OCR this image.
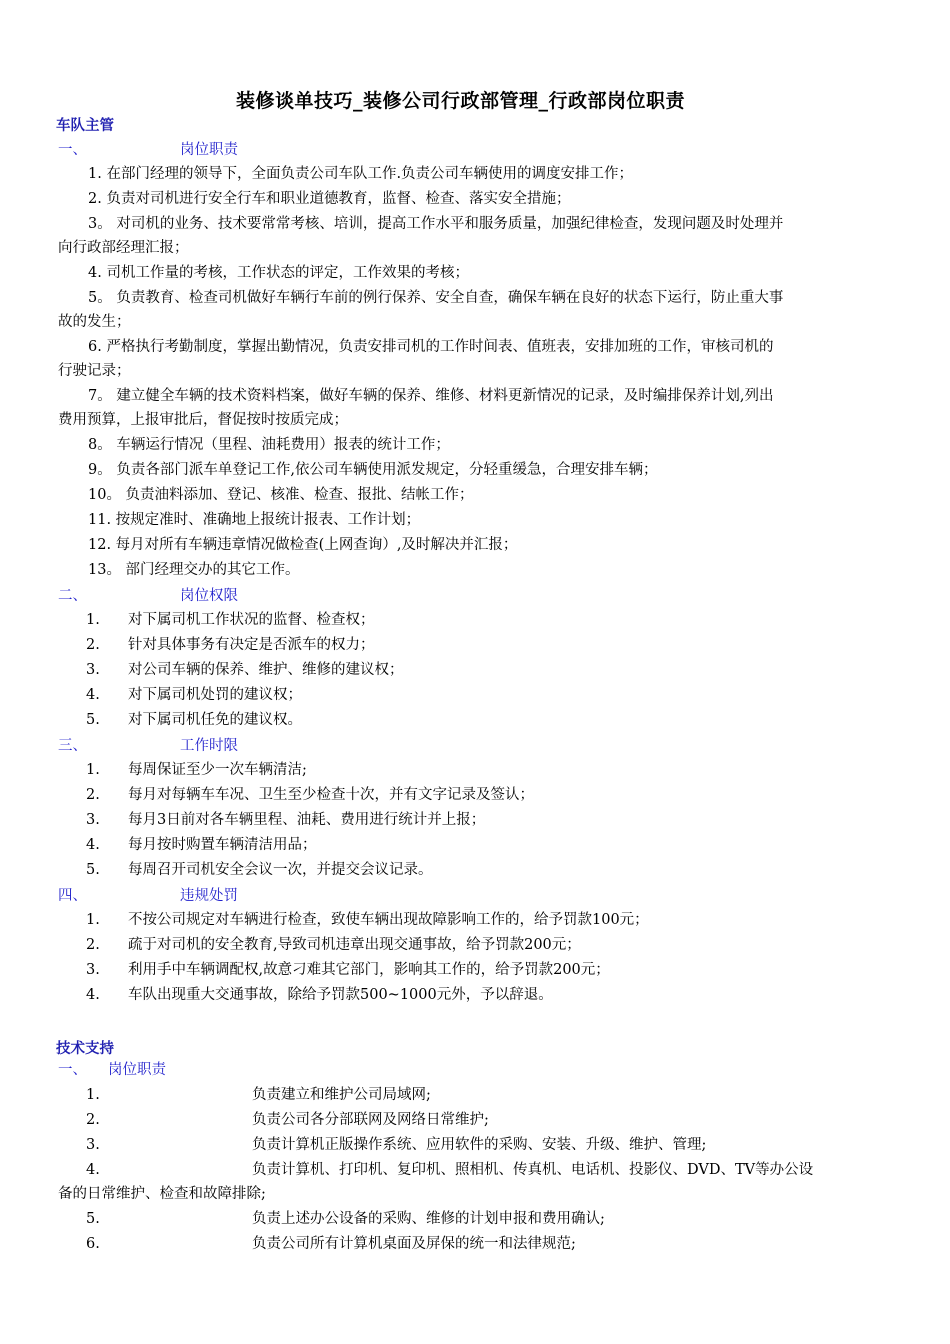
装修谈单技巧_装修公司行政部管理_行政部岗位职责
车队主管
一、	岗位职责
1. 在部门经理的领导下，全面负责公司车队工作.负责公司车辆使用的调度安排工作；
2. 负责对司机进行安全行车和职业道德教育，监督、检查、落实安全措施；
3。 对司机的业务、技术要常常考核、培训，提高工作水平和服务质量，加强纪律检查，发现问题及时处理并
向行政部经理汇报；
4. 司机工作量的考核，工作状态的评定，工作效果的考核；
5。 负责教育、检查司机做好车辆行车前的例行保养、安全自查，确保车辆在良好的状态下运行，防止重大事
故的发生；
6. 严格执行考勤制度，掌握出勤情况，负责安排司机的工作时间表、值班表，安排加班的工作，审核司机的
行驶记录；
7。 建立健全车辆的技术资料档案，做好车辆的保养、维修、材料更新情况的记录，及时编排保养计划,列出
费用预算，上报审批后，督促按时按质完成；
8。 车辆运行情况（里程、油耗费用）报表的统计工作；
9。 负责各部门派车单登记工作,依公司车辆使用派发规定，分轻重缓急，合理安排车辆；
10。 负责油料添加、登记、核准、检查、报批、结帐工作；
11. 按规定准时、准确地上报统计报表、工作计划；
12. 每月对所有车辆违章情况做检查(上网查询）,及时解决并汇报；
13。 部门经理交办的其它工作。
二、	岗位权限
1. 对下属司机工作状况的监督、检查权；
2. 针对具体事务有决定是否派车的权力；
3. 对公司车辆的保养、维护、维修的建议权；
4. 对下属司机处罚的建议权；
5. 对下属司机任免的建议权。
三、	工作时限
1. 每周保证至少一次车辆清洁;
2. 每月对每辆车车况、卫生至少检查十次，并有文字记录及签认；
3. 每月3日前对各车辆里程、油耗、费用进行统计并上报；
4. 每月按时购置车辆清洁用品；
5. 每周召开司机安全会议一次，并提交会议记录。
四、	违规处罚
1. 不按公司规定对车辆进行检查，致使车辆出现故障影响工作的，给予罚款100元；
2. 疏于对司机的安全教育,导致司机违章出现交通事故，给予罚款200元；
3. 利用手中车辆调配权,故意刁难其它部门，影响其工作的，给予罚款200元；
4. 车队出现重大交通事故，除给予罚款500~1000元外，予以辞退。
技术支持
一、 岗位职责
1.	负责建立和维护公司局域网;
2.	负责公司各分部联网及网络日常维护;
3.	负责计算机正版操作系统、应用软件的采购、安装、升级、维护、管理;
4.	负责计算机、打印机、复印机、照相机、传真机、电话机、投影仪、DVD、TV等办公设
备的日常维护、检查和故障排除;
5.	负责上述办公设备的采购、维修的计划申报和费用确认;
6.	负责公司所有计算机桌面及屏保的统一和法律规范;
